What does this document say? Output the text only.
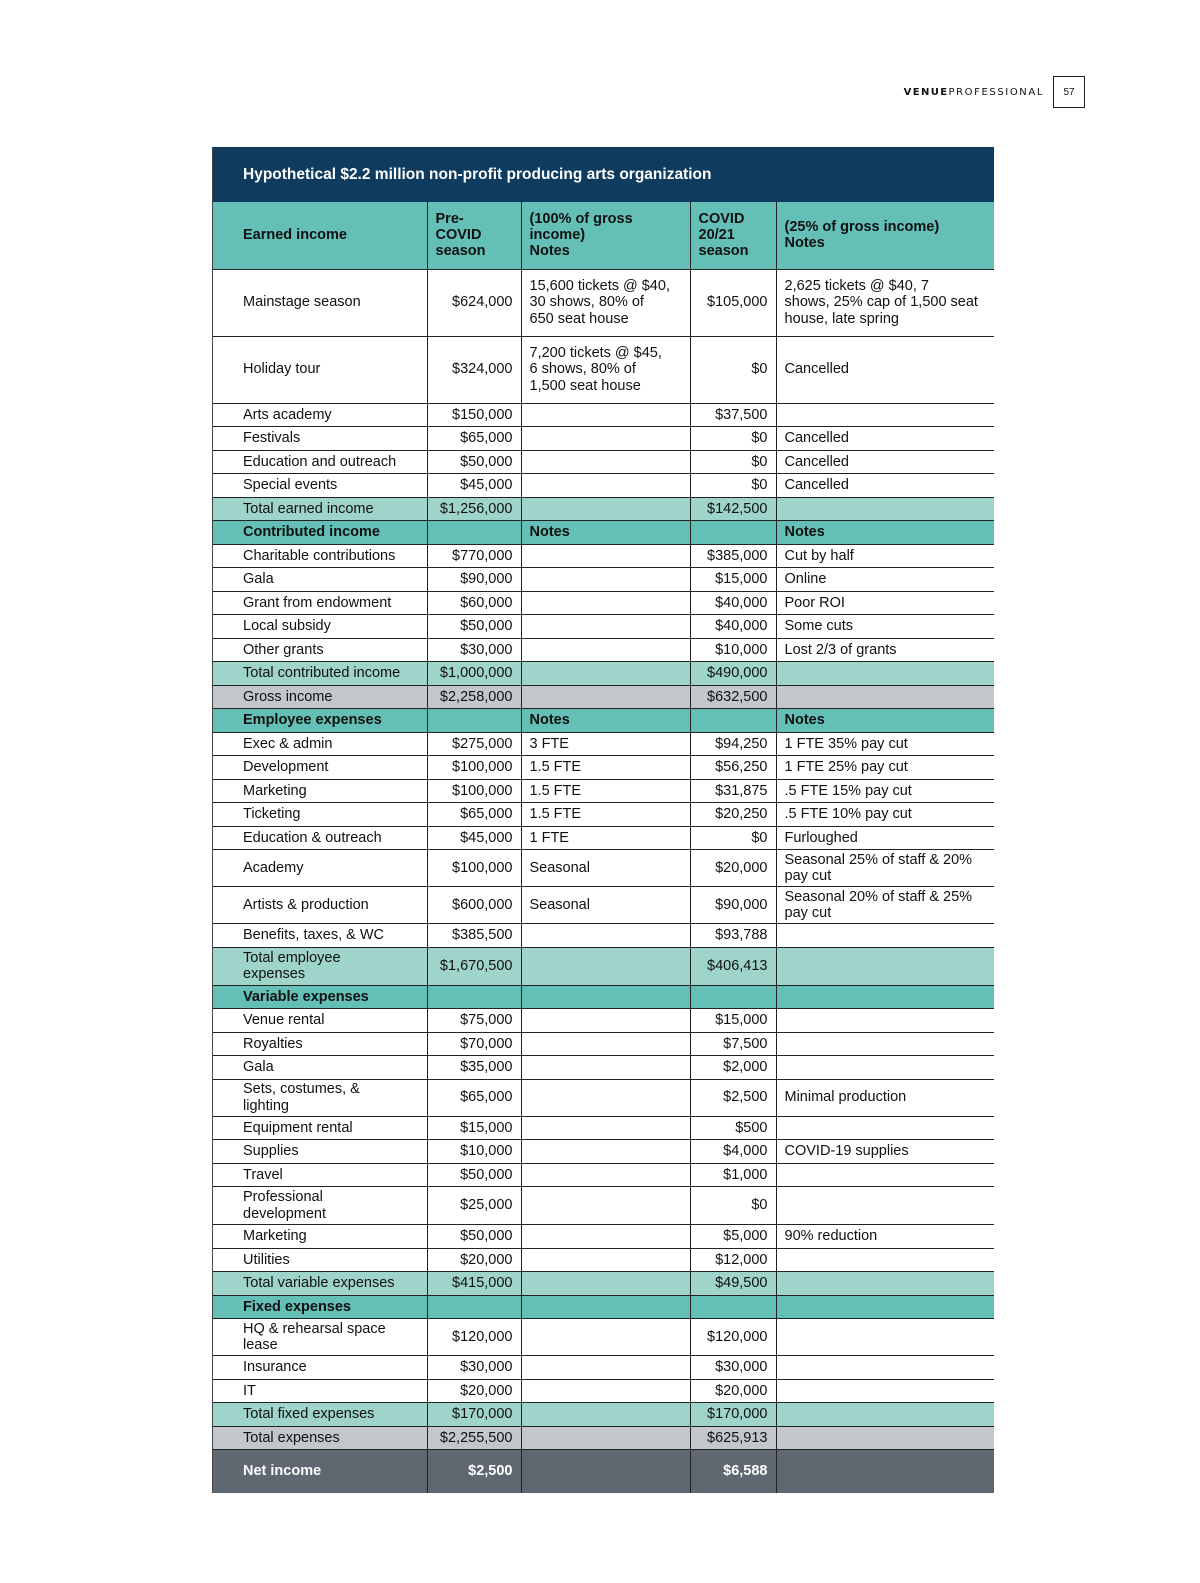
VENUEPROFESSIONAL	57
Hypothetical $2.2 million non-profit producing arts organization
Earned income	Pre-
COVID
season	(100% of gross
income)
Notes	COVID
20/21
season	(25% of gross income)
Notes
Mainstage season	$624,000	15,600 tickets @ $40,
30 shows, 80% of
650 seat house	$105,000	2,625 tickets @ $40, 7
shows, 25% cap of 1,500 seat
house, late spring
Holiday tour	$324,000	7,200 tickets @ $45,
6 shows, 80% of
1,500 seat house	$0	Cancelled
Arts academy	$150,000		$37,500	
Festivals	$65,000		$0	Cancelled
Education and outreach	$50,000		$0	Cancelled
Special events	$45,000		$0	Cancelled
Total earned income	$1,256,000		$142,500	
Contributed income		Notes		Notes
Charitable contributions	$770,000		$385,000	Cut by half
Gala	$90,000		$15,000	Online
Grant from endowment	$60,000		$40,000	Poor ROI
Local subsidy	$50,000		$40,000	Some cuts
Other grants	$30,000		$10,000	Lost 2/3 of grants
Total contributed income	$1,000,000		$490,000	
Gross income	$2,258,000		$632,500	
Employee expenses		Notes		Notes
Exec & admin	$275,000	3 FTE	$94,250	1 FTE 35% pay cut
Development	$100,000	1.5 FTE	$56,250	1 FTE 25% pay cut
Marketing	$100,000	1.5 FTE	$31,875	.5 FTE 15% pay cut
Ticketing	$65,000	1.5 FTE	$20,250	.5 FTE 10% pay cut
Education & outreach	$45,000	1 FTE	$0	Furloughed
Academy	$100,000	Seasonal	$20,000	Seasonal 25% of staff & 20%
pay cut
Artists & production	$600,000	Seasonal	$90,000	Seasonal 20% of staff & 25%
pay cut
Benefits, taxes, & WC	$385,500		$93,788	
Total employee
expenses	$1,670,500		$406,413	
Variable expenses				
Venue rental	$75,000		$15,000	
Royalties	$70,000		$7,500	
Gala	$35,000		$2,000	
Sets, costumes, &
lighting	$65,000		$2,500	Minimal production
Equipment rental	$15,000		$500	
Supplies	$10,000		$4,000	COVID-19 supplies
Travel	$50,000		$1,000	
Professional
development	$25,000		$0	
Marketing	$50,000		$5,000	90% reduction
Utilities	$20,000		$12,000	
Total variable expenses	$415,000		$49,500	
Fixed expenses				
HQ & rehearsal space
lease	$120,000		$120,000	
Insurance	$30,000		$30,000	
IT	$20,000		$20,000	
Total fixed expenses	$170,000		$170,000	
Total expenses	$2,255,500		$625,913	
Net income	$2,500		$6,588	
